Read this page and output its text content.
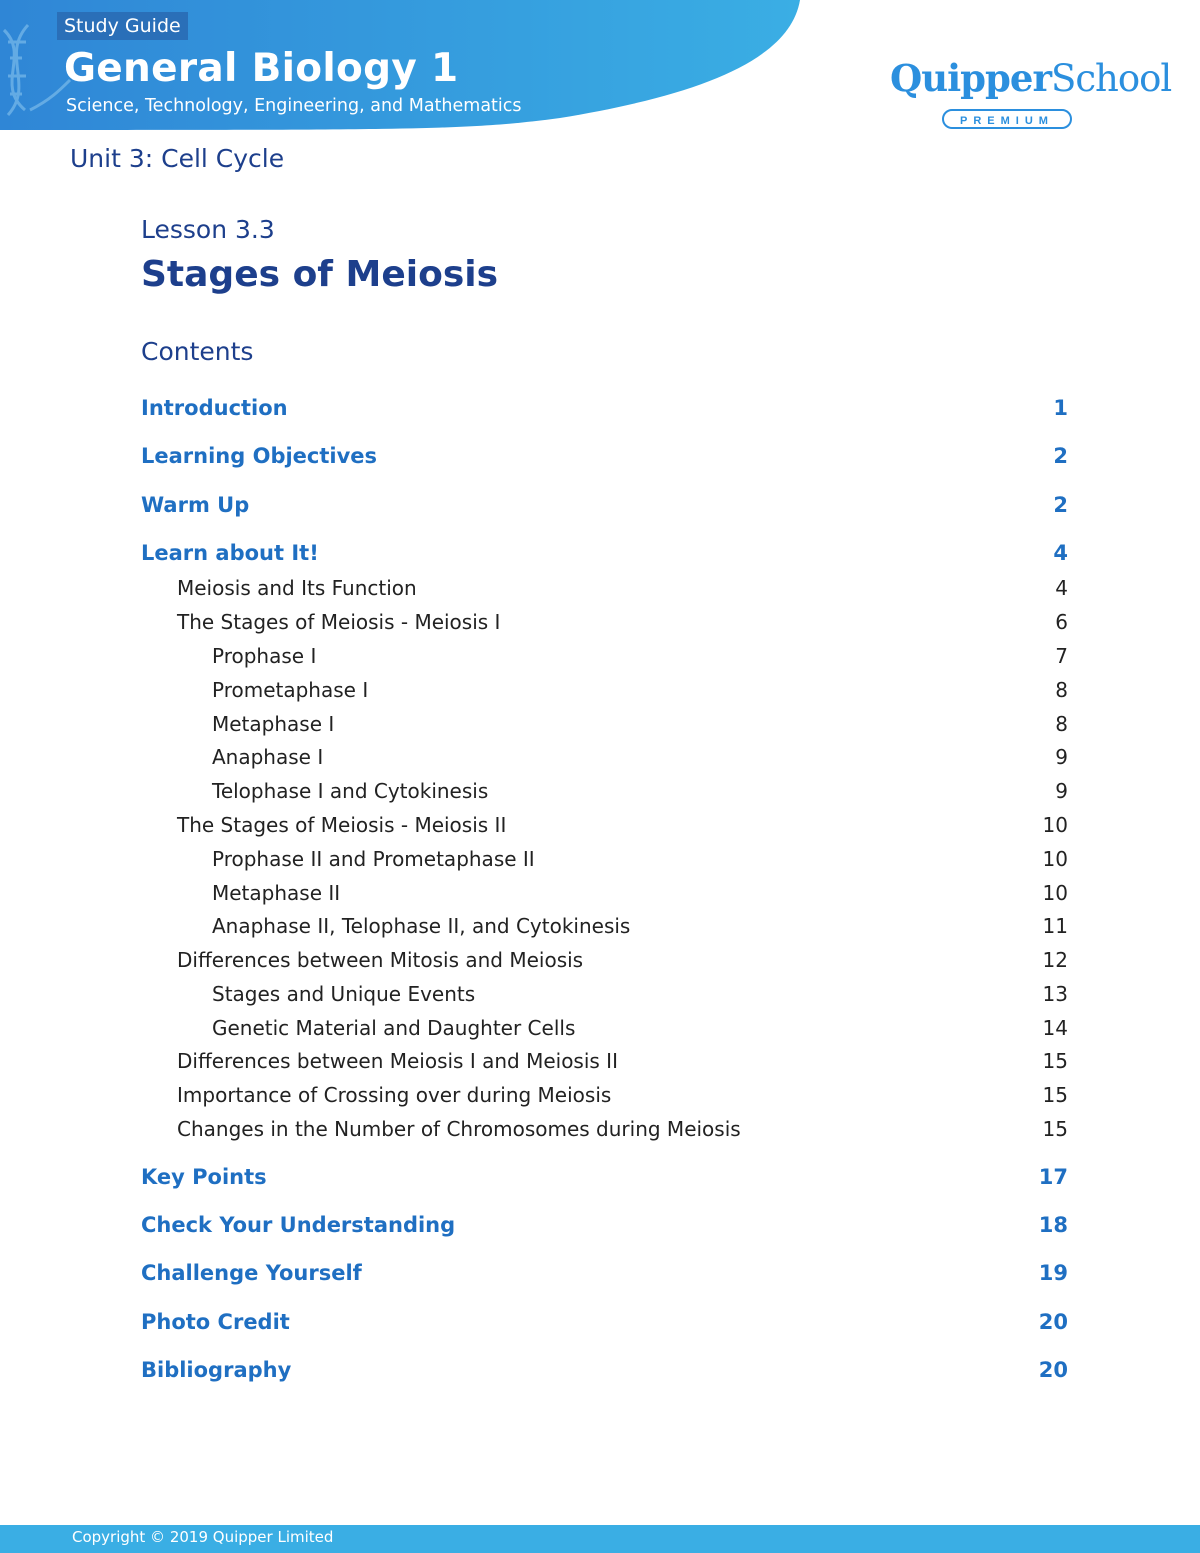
Study Guide
General Biology 1
Science, Technology, Engineering, and Mathematics
QuipperSchool
PREMIUM
Unit 3: Cell Cycle
Lesson 3.3
Stages of Meiosis
Contents
Introduction	1
Learning Objectives	2
Warm Up	2
Learn about It!	4
Meiosis and Its Function	4
The Stages of Meiosis - Meiosis I	6
Prophase I	7
Prometaphase I	8
Metaphase I	8
Anaphase I	9
Telophase I and Cytokinesis	9
The Stages of Meiosis - Meiosis II	10
Prophase II and Prometaphase II	10
Metaphase II	10
Anaphase II, Telophase II, and Cytokinesis	11
Differences between Mitosis and Meiosis	12
Stages and Unique Events	13
Genetic Material and Daughter Cells	14
Differences between Meiosis I and Meiosis II	15
Importance of Crossing over during Meiosis	15
Changes in the Number of Chromosomes during Meiosis	15
Key Points	17
Check Your Understanding	18
Challenge Yourself	19
Photo Credit	20
Bibliography	20
Copyright © 2019 Quipper Limited
